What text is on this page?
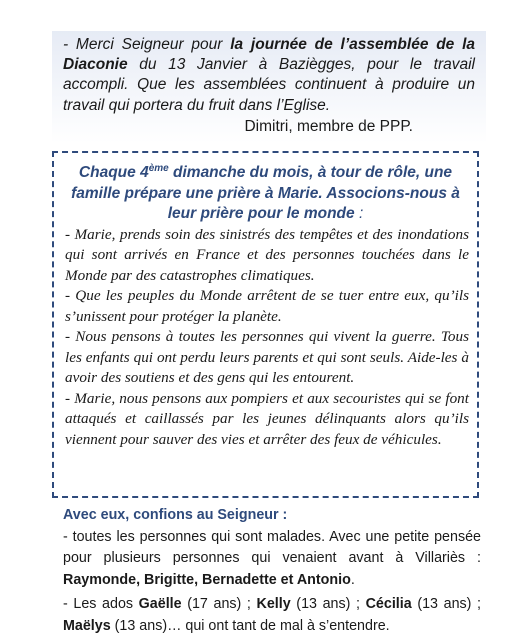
- Merci Seigneur pour la journée de l’assemblée de la
Diaconie du 13 Janvier à Baziègges, pour le travail
accompli. Que les assemblées continuent à produire un
travail qui portera du fruit dans l’Eglise.
Dimitri, membre de PPP.
Chaque 4ème dimanche du mois, à tour de rôle, une famille prépare une prière à Marie. Associons-nous à leur prière pour le monde :

- Marie, prends soin des sinistrés des tempêtes et des inondations qui sont arrivés en France et des personnes touchées dans le Monde par des catastrophes climatiques.

- Que les peuples du Monde arrêtent de se tuer entre eux, qu’ils s’unissent pour protéger la planète.

- Nous pensons à toutes les personnes qui vivent la guerre. Tous les enfants qui ont perdu leurs parents et qui sont seuls. Aide-les à avoir des soutiens et des gens qui les entourent.

- Marie, nous pensons aux pompiers et aux secouristes qui se font attaqués et caillassés par les jeunes délinquants alors qu’ils viennent pour sauver des vies et arrêter des feux de véhicules.

Avec eux, confions au Seigneur :

- toutes les personnes qui sont malades. Avec une petite pensée pour plusieurs personnes qui venaient avant à Villariès : Raymonde, Brigitte, Bernadette et Antonio.

- Les ados Gaëlle (17 ans) ; Kelly (13 ans) ; Cécilia (13 ans) ; Maëlys (13 ans)… qui ont tant de mal à s’entendre.
